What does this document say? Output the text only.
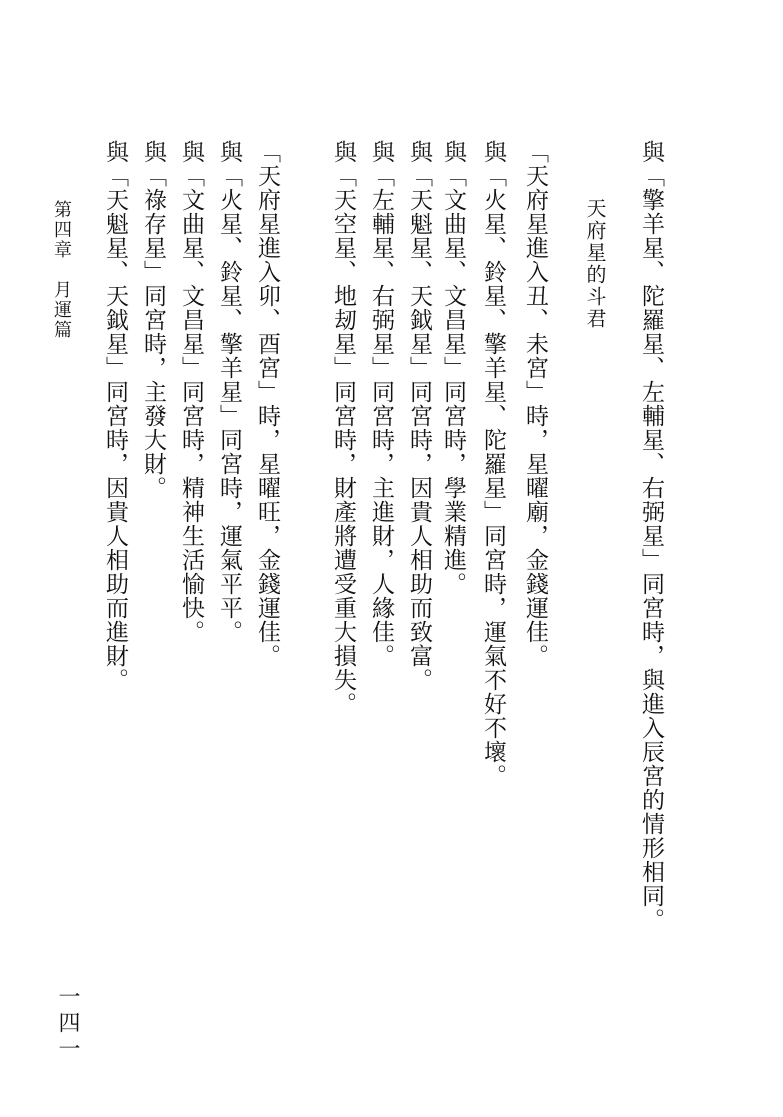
與「擎羊星、陀羅星、左輔星、右弼星」同宮時，與進入辰宮的情形相同。
天府星的斗君
「天府星進入丑、未宮」時，星曜廟，金錢運佳。
與「火星、鈴星、擎羊星、陀羅星」同宮時，運氣不好不壞。
與「文曲星、文昌星」同宮時，學業精進。
與「天魁星、天鉞星」同宮時，因貴人相助而致富。
與「左輔星、右弼星」同宮時，主進財，人緣佳。
與「天空星、地刼星」同宮時，財產將遭受重大損失。
「天府星進入卯、酉宮」時，星曜旺，金錢運佳。
與「火星、鈴星、擎羊星」同宮時，運氣平平。
與「文曲星、文昌星」同宮時，精神生活愉快。
與「祿存星」同宮時，主發大財。
與「天魁星、天鉞星」同宮時，因貴人相助而進財。
第四章　月運篇
一四一
